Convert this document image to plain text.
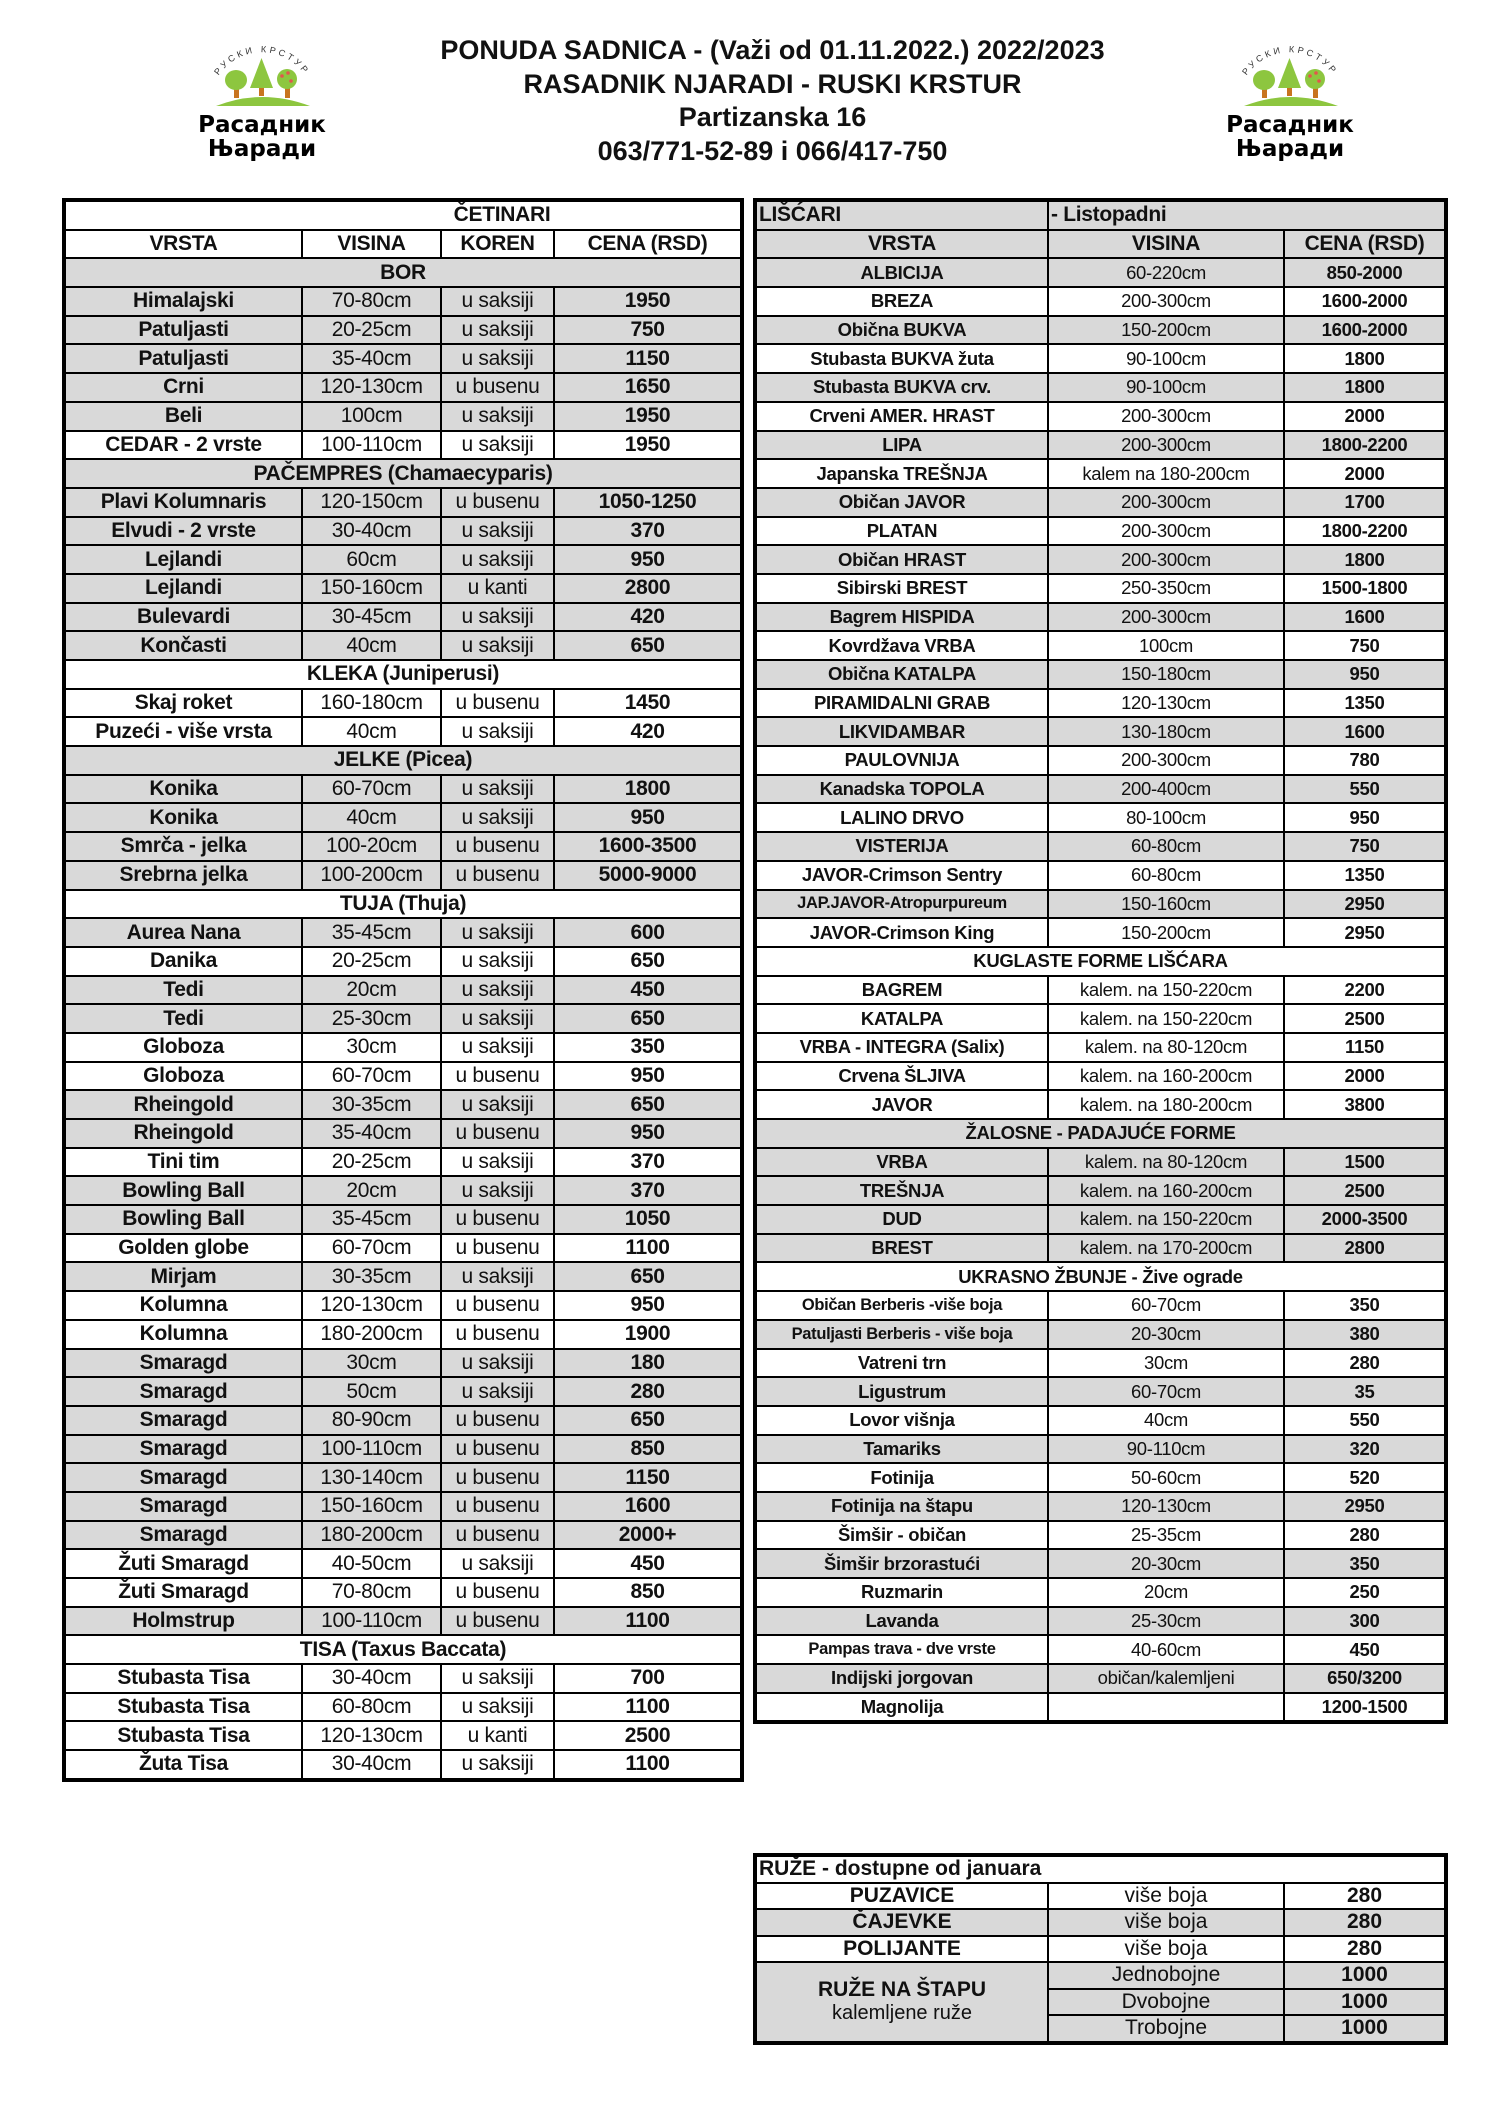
РУСКИ КРСТУР
Расадник
Њаради
РУСКИ КРСТУР
Расадник
Њаради
PONUDA SADNICA - (Važi od 01.11.2022.) 2022/2023
RASADNIK NJARADI - RUSKI KRSTUR
Partizanska 16
063/771-52-89 i 066/417-750
ČETINARI			
VRSTA	VISINA	KOREN	CENA (RSD)
BOR			
Himalajski	70-80cm	u saksiji	1950
Patuljasti	20-25cm	u saksiji	750
Patuljasti	35-40cm	u saksiji	1150
Crni	120-130cm	u busenu	1650
Beli	100cm	u saksiji	1950
CEDAR - 2 vrste	100-110cm	u saksiji	1950
PAČEMPRES (Chamaecyparis)			
Plavi Kolumnaris	120-150cm	u busenu	1050-1250
Elvudi - 2 vrste	30-40cm	u saksiji	370
Lejlandi	60cm	u saksiji	950
Lejlandi	150-160cm	u kanti	2800
Bulevardi	30-45cm	u saksiji	420
Končasti	40cm	u saksiji	650
KLEKA (Juniperusi)			
Skaj roket	160-180cm	u busenu	1450
Puzeći - više vrsta	40cm	u saksiji	420
JELKE (Picea)			
Konika	60-70cm	u saksiji	1800
Konika	40cm	u saksiji	950
Smrča - jelka	100-20cm	u busenu	1600-3500
Srebrna jelka	100-200cm	u busenu	5000-9000
TUJA (Thuja)			
Aurea Nana	35-45cm	u saksiji	600
Danika	20-25cm	u saksiji	650
Tedi	20cm	u saksiji	450
Tedi	25-30cm	u saksiji	650
Globoza	30cm	u saksiji	350
Globoza	60-70cm	u busenu	950
Rheingold	30-35cm	u saksiji	650
Rheingold	35-40cm	u busenu	950
Tini tim	20-25cm	u saksiji	370
Bowling Ball	20cm	u saksiji	370
Bowling Ball	35-45cm	u busenu	1050
Golden globe	60-70cm	u busenu	1100
Mirjam	30-35cm	u saksiji	650
Kolumna	120-130cm	u busenu	950
Kolumna	180-200cm	u busenu	1900
Smaragd	30cm	u saksiji	180
Smaragd	50cm	u saksiji	280
Smaragd	80-90cm	u busenu	650
Smaragd	100-110cm	u busenu	850
Smaragd	130-140cm	u busenu	1150
Smaragd	150-160cm	u busenu	1600
Smaragd	180-200cm	u busenu	2000+
Žuti Smaragd	40-50cm	u saksiji	450
Žuti Smaragd	70-80cm	u busenu	850
Holmstrup	100-110cm	u busenu	1100
TISA (Taxus Baccata)			
Stubasta Tisa	30-40cm	u saksiji	700
Stubasta Tisa	60-80cm	u saksiji	1100
Stubasta Tisa	120-130cm	u kanti	2500
Žuta Tisa	30-40cm	u saksiji	1100
LIŠĆARI	- Listopadni	
VRSTA	VISINA	CENA (RSD)
ALBICIJA	60-220cm	850-2000
BREZA	200-300cm	1600-2000
Obična BUKVA	150-200cm	1600-2000
Stubasta BUKVA žuta	90-100cm	1800
Stubasta BUKVA crv.	90-100cm	1800
Crveni AMER. HRAST	200-300cm	2000
LIPA	200-300cm	1800-2200
Japanska TREŠNJA	kalem na 180-200cm	2000
Običan JAVOR	200-300cm	1700
PLATAN	200-300cm	1800-2200
Običan HRAST	200-300cm	1800
Sibirski BREST	250-350cm	1500-1800
Bagrem HISPIDA	200-300cm	1600
Kovrdžava VRBA	100cm	750
Obična KATALPA	150-180cm	950
PIRAMIDALNI GRAB	120-130cm	1350
LIKVIDAMBAR	130-180cm	1600
PAULOVNIJA	200-300cm	780
Kanadska TOPOLA	200-400cm	550
LALINO DRVO	80-100cm	950
VISTERIJA	60-80cm	750
JAVOR-Crimson Sentry	60-80cm	1350
JAP.JAVOR-Atropurpureum	150-160cm	2950
JAVOR-Crimson King	150-200cm	2950
KUGLASTE FORME LIŠĆARA		
BAGREM	kalem. na 150-220cm	2200
KATALPA	kalem. na 150-220cm	2500
VRBA - INTEGRA (Salix)	kalem. na 80-120cm	1150
Crvena ŠLJIVA	kalem. na 160-200cm	2000
JAVOR	kalem. na 180-200cm	3800
ŽALOSNE - PADAJUĆE FORME		
VRBA	kalem. na 80-120cm	1500
TREŠNJA	kalem. na 160-200cm	2500
DUD	kalem. na 150-220cm	2000-3500
BREST	kalem. na 170-200cm	2800
UKRASNO ŽBUNJE - Žive ograde		
Običan Berberis -više boja	60-70cm	350
Patuljasti Berberis - više boja	20-30cm	380
Vatreni trn	30cm	280
Ligustrum	60-70cm	35
Lovor višnja	40cm	550
Tamariks	90-110cm	320
Fotinija	50-60cm	520
Fotinija na štapu	120-130cm	2950
Šimšir - običan	25-35cm	280
Šimšir brzorastući	20-30cm	350
Ruzmarin	20cm	250
Lavanda	25-30cm	300
Pampas trava - dve vrste	40-60cm	450
Indijski jorgovan	običan/kalemljeni	650/3200
Magnolija		1200-1500
RUŽE - dostupne od januara		
PUZAVICE	više boja	280
ČAJEVKE	više boja	280
POLIJANTE	više boja	280

RUŽE NA ŠTAPU
kalemljene ruže	Jednobojne	1000
	Dvobojne	1000
	Trobojne	1000
